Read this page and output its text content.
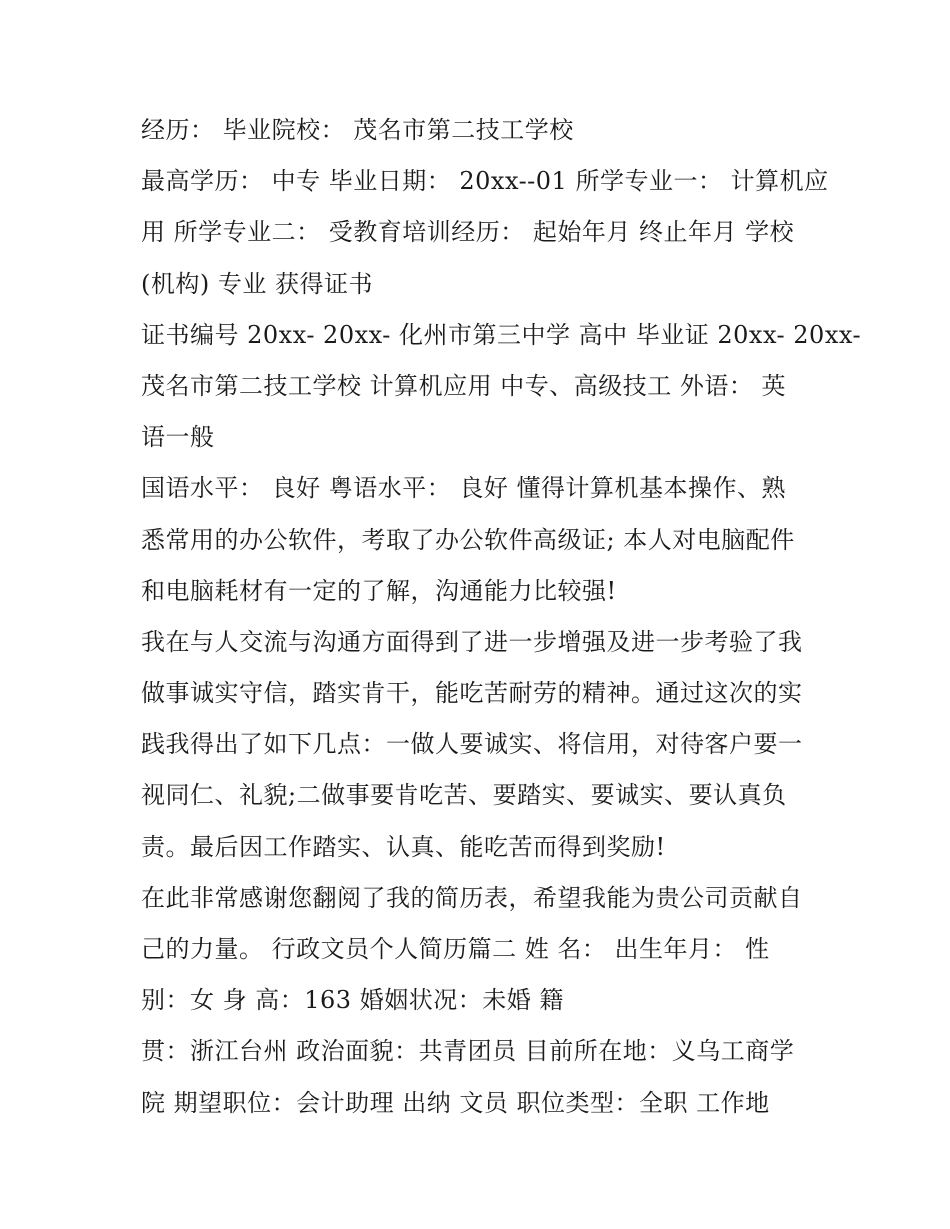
经历： 毕业院校： 茂名市第二技工学校
最高学历： 中专 毕业日期： 20xx--01 所学专业一： 计算机应
用 所学专业二： 受教育培训经历： 起始年月 终止年月 学校
(机构) 专业 获得证书
证书编号 20xx- 20xx- 化州市第三中学 高中 毕业证 20xx- 20xx-
茂名市第二技工学校 计算机应用 中专、高级技工 外语： 英
语一般
国语水平： 良好 粤语水平： 良好 懂得计算机基本操作、熟
悉常用的办公软件，考取了办公软件高级证; 本人对电脑配件
和电脑耗材有一定的了解，沟通能力比较强!
我在与人交流与沟通方面得到了进一步增强及进一步考验了我
做事诚实守信，踏实肯干，能吃苦耐劳的精神。通过这次的实
践我得出了如下几点：一做人要诚实、将信用，对待客户要一
视同仁、礼貌;二做事要肯吃苦、要踏实、要诚实、要认真负
责。最后因工作踏实、认真、能吃苦而得到奖励!
在此非常感谢您翻阅了我的简历表，希望我能为贵公司贡献自
己的力量。 行政文员个人简历篇二 姓 名： 出生年月： 性
别：女 身 高：163 婚姻状况：未婚 籍
贯：浙江台州 政治面貌：共青团员 目前所在地：义乌工商学
院 期望职位：会计助理 出纳 文员 职位类型：全职 工作地
